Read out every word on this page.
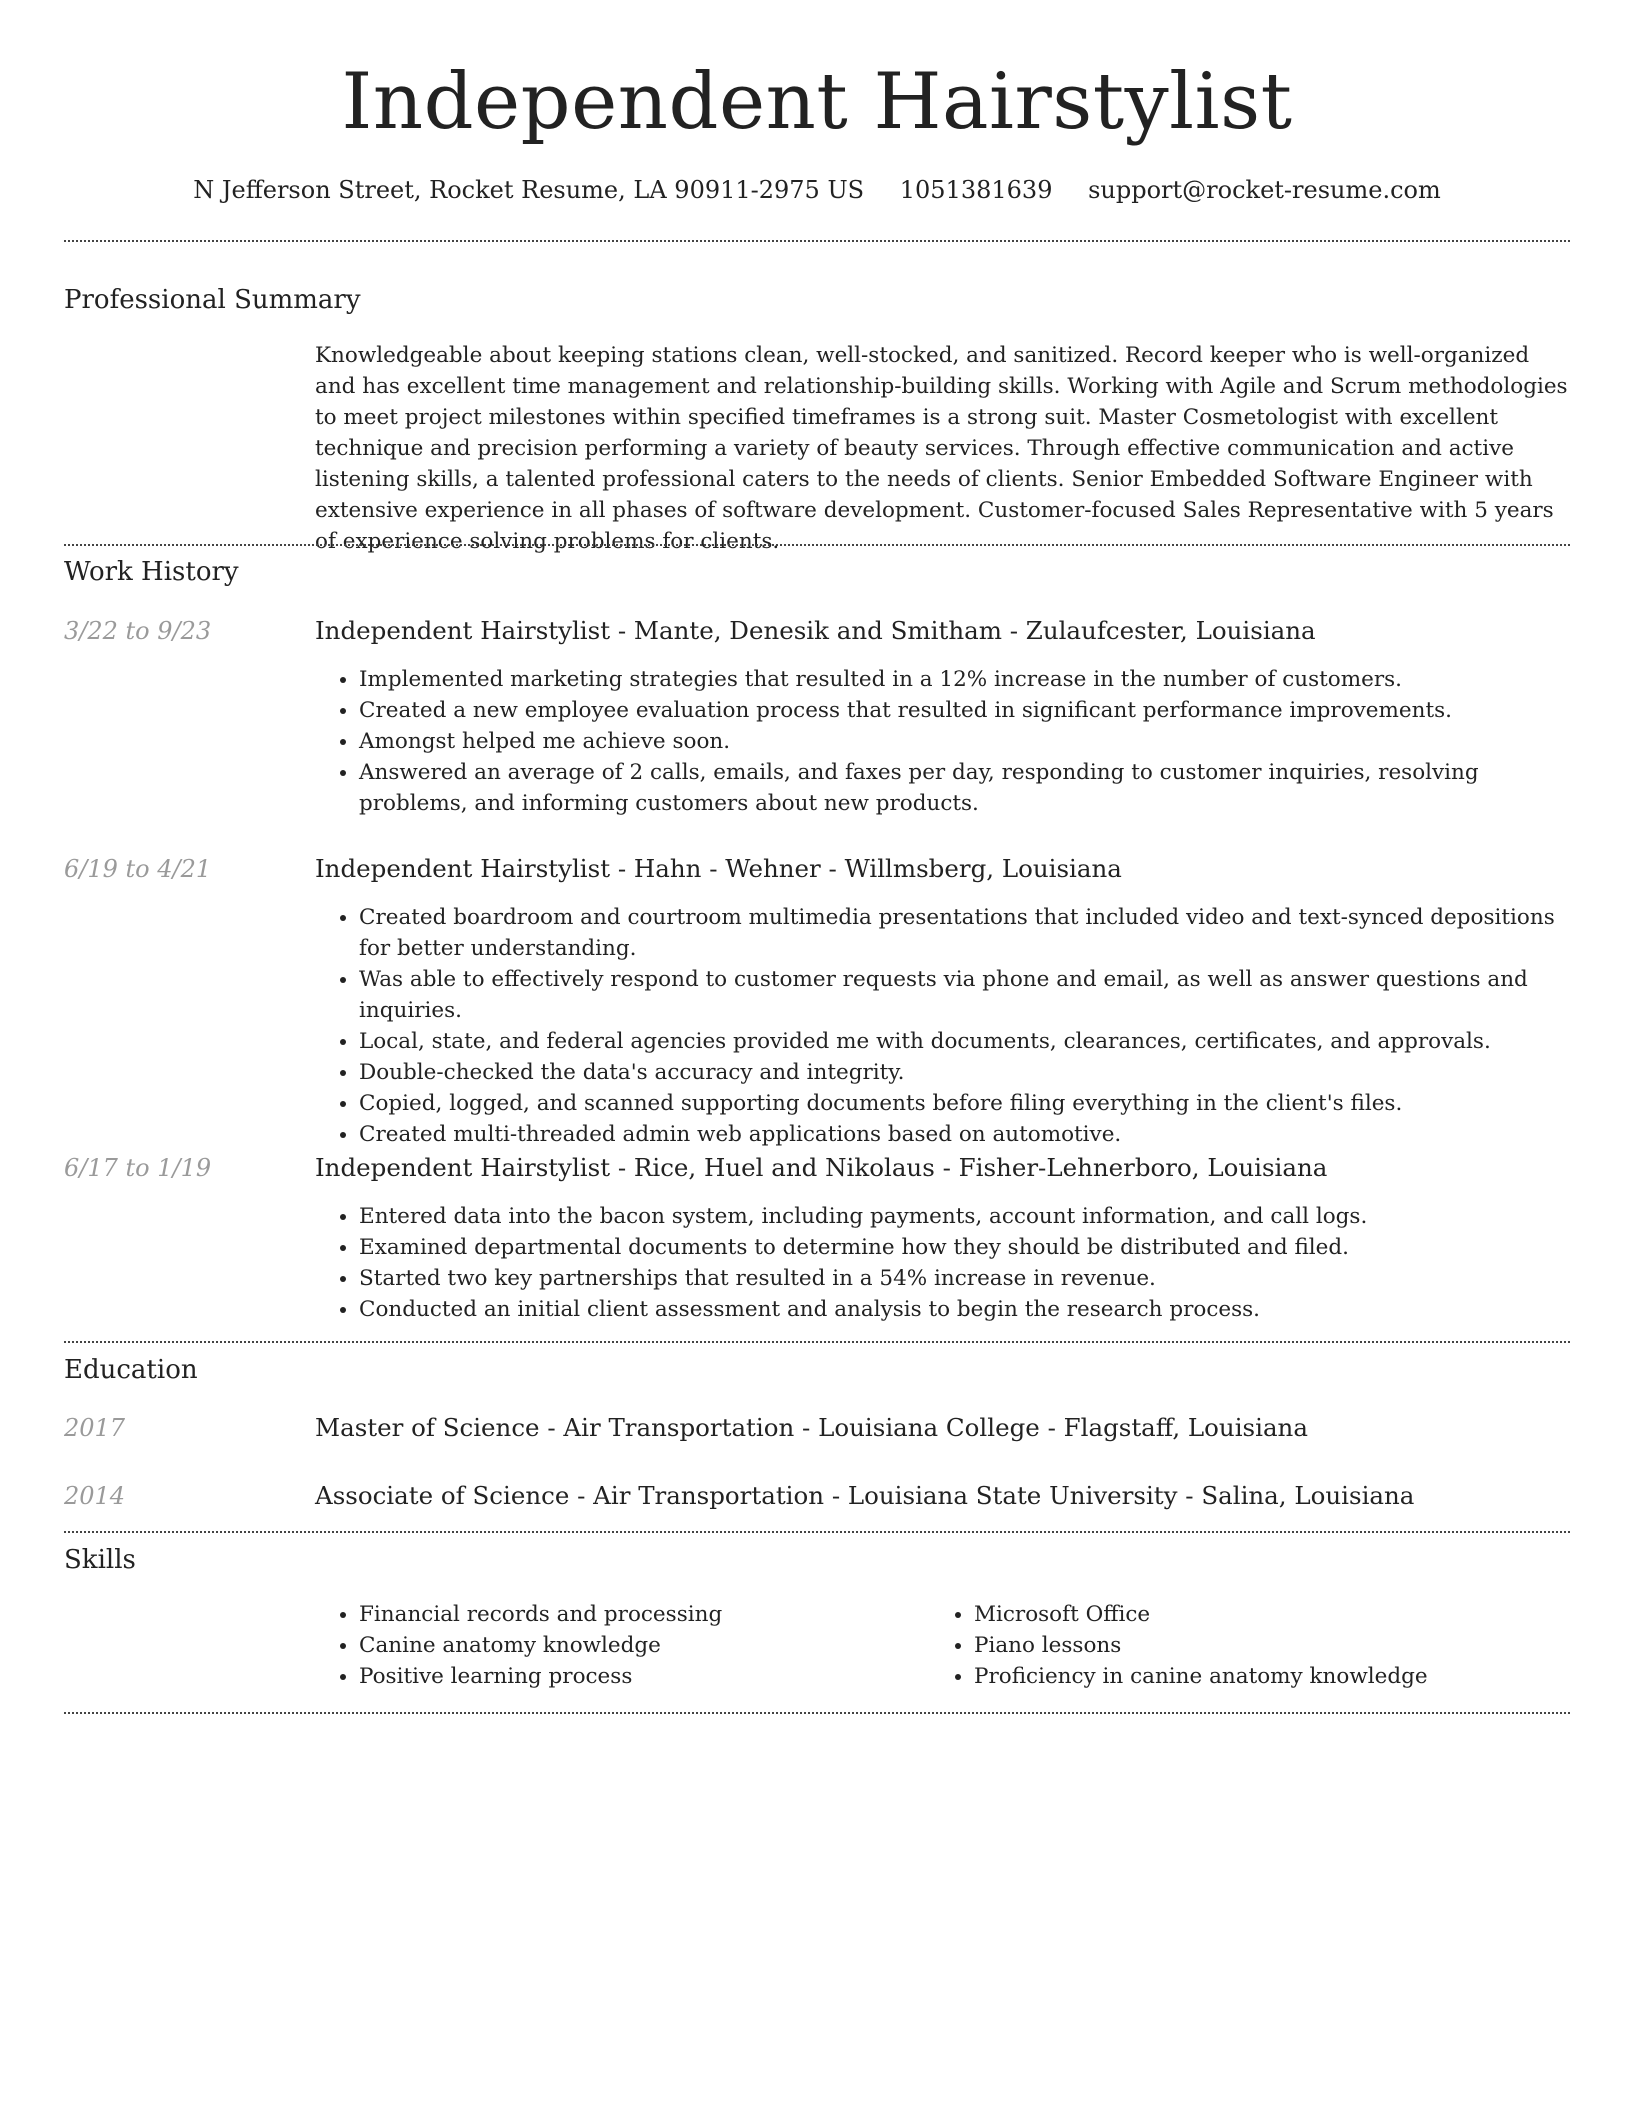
Independent Hairstylist
N Jefferson Street, Rocket Resume, LA 90911-2975 US 1051381639 support@rocket-resume.com
Professional Summary
Knowledgeable about keeping stations clean, well-stocked, and sanitized. Record keeper who is well-organized and has excellent time management and relationship-building skills. Working with Agile and Scrum methodologies to meet project milestones within specified timeframes is a strong suit. Master Cosmetologist with excellent technique and precision performing a variety of beauty services. Through effective communication and active listening skills, a talented professional caters to the needs of clients. Senior Embedded Software Engineer with extensive experience in all phases of software development. Customer-focused Sales Representative with 5 years of experience solving problems for clients.
Work History
3/22 to 9/23	Independent Hairstylist - Mante, Denesik and Smitham - Zulaufcester, Louisiana
• Implemented marketing strategies that resulted in a 12% increase in the number of customers.
• Created a new employee evaluation process that resulted in significant performance improvements.
• Amongst helped me achieve soon.
• Answered an average of 2 calls, emails, and faxes per day, responding to customer inquiries, resolving problems, and informing customers about new products.
6/19 to 4/21	Independent Hairstylist - Hahn - Wehner - Willmsberg, Louisiana
• Created boardroom and courtroom multimedia presentations that included video and text-synced depositions for better understanding.
• Was able to effectively respond to customer requests via phone and email, as well as answer questions and inquiries.
• Local, state, and federal agencies provided me with documents, clearances, certificates, and approvals.
• Double-checked the data's accuracy and integrity.
• Copied, logged, and scanned supporting documents before filing everything in the client's files.
• Created multi-threaded admin web applications based on automotive.
6/17 to 1/19	Independent Hairstylist - Rice, Huel and Nikolaus - Fisher-Lehnerboro, Louisiana
• Entered data into the bacon system, including payments, account information, and call logs.
• Examined departmental documents to determine how they should be distributed and filed.
• Started two key partnerships that resulted in a 54% increase in revenue.
• Conducted an initial client assessment and analysis to begin the research process.
Education
2017	Master of Science - Air Transportation - Louisiana College - Flagstaff, Louisiana
2014	Associate of Science - Air Transportation - Louisiana State University - Salina, Louisiana
Skills
• Financial records and processing
• Canine anatomy knowledge
• Positive learning process
• Microsoft Office
• Piano lessons
• Proficiency in canine anatomy knowledge
